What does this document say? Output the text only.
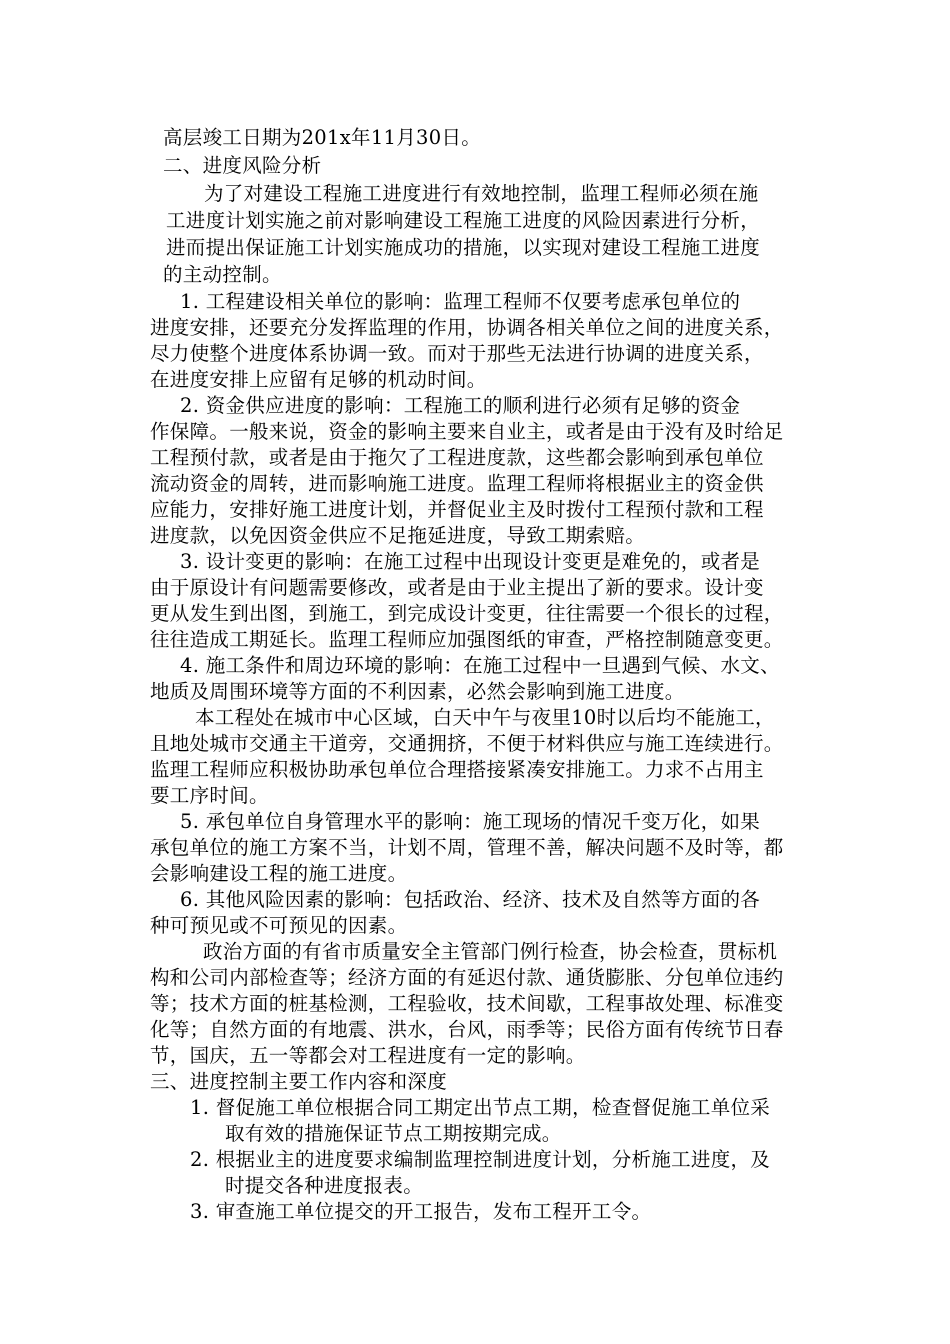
高层竣工日期为201x年11月30日。
二、进度风险分析
为了对建设工程施工进度进行有效地控制，监理工程师必须在施
工进度计划实施之前对影响建设工程施工进度的风险因素进行分析，
进而提出保证施工计划实施成功的措施，以实现对建设工程施工进度
的主动控制。
1. 工程建设相关单位的影响：监理工程师不仅要考虑承包单位的
进度安排，还要充分发挥监理的作用，协调各相关单位之间的进度关系，
尽力使整个进度体系协调一致。而对于那些无法进行协调的进度关系，
在进度安排上应留有足够的机动时间。
2. 资金供应进度的影响：工程施工的顺利进行必须有足够的资金
作保障。一般来说，资金的影响主要来自业主，或者是由于没有及时给足
工程预付款，或者是由于拖欠了工程进度款，这些都会影响到承包单位
流动资金的周转，进而影响施工进度。监理工程师将根据业主的资金供
应能力，安排好施工进度计划，并督促业主及时拨付工程预付款和工程
进度款，以免因资金供应不足拖延进度，导致工期索赔。
3. 设计变更的影响：在施工过程中出现设计变更是难免的，或者是
由于原设计有问题需要修改，或者是由于业主提出了新的要求。设计变
更从发生到出图，到施工，到完成设计变更，往往需要一个很长的过程，
往往造成工期延长。监理工程师应加强图纸的审查，严格控制随意变更。
4. 施工条件和周边环境的影响：在施工过程中一旦遇到气候、水文、
地质及周围环境等方面的不利因素，必然会影响到施工进度。
本工程处在城市中心区域，白天中午与夜里10时以后均不能施工，
且地处城市交通主干道旁，交通拥挤，不便于材料供应与施工连续进行。
监理工程师应积极协助承包单位合理搭接紧凑安排施工。力求不占用主
要工序时间。
5. 承包单位自身管理水平的影响：施工现场的情况千变万化，如果
承包单位的施工方案不当，计划不周，管理不善，解决问题不及时等，都
会影响建设工程的施工进度。
6. 其他风险因素的影响：包括政治、经济、技术及自然等方面的各
种可预见或不可预见的因素。
政治方面的有省市质量安全主管部门例行检查，协会检查，贯标机
构和公司内部检查等；经济方面的有延迟付款、通货膨胀、分包单位违约
等；技术方面的桩基检测，工程验收，技术间歇，工程事故处理、标准变
化等；自然方面的有地震、洪水，台风，雨季等；民俗方面有传统节日春
节，国庆，五一等都会对工程进度有一定的影响。
三、进度控制主要工作内容和深度
1. 督促施工单位根据合同工期定出节点工期，检查督促施工单位采
取有效的措施保证节点工期按期完成。
2. 根据业主的进度要求编制监理控制进度计划，分析施工进度，及
时提交各种进度报表。
3. 审查施工单位提交的开工报告，发布工程开工令。
